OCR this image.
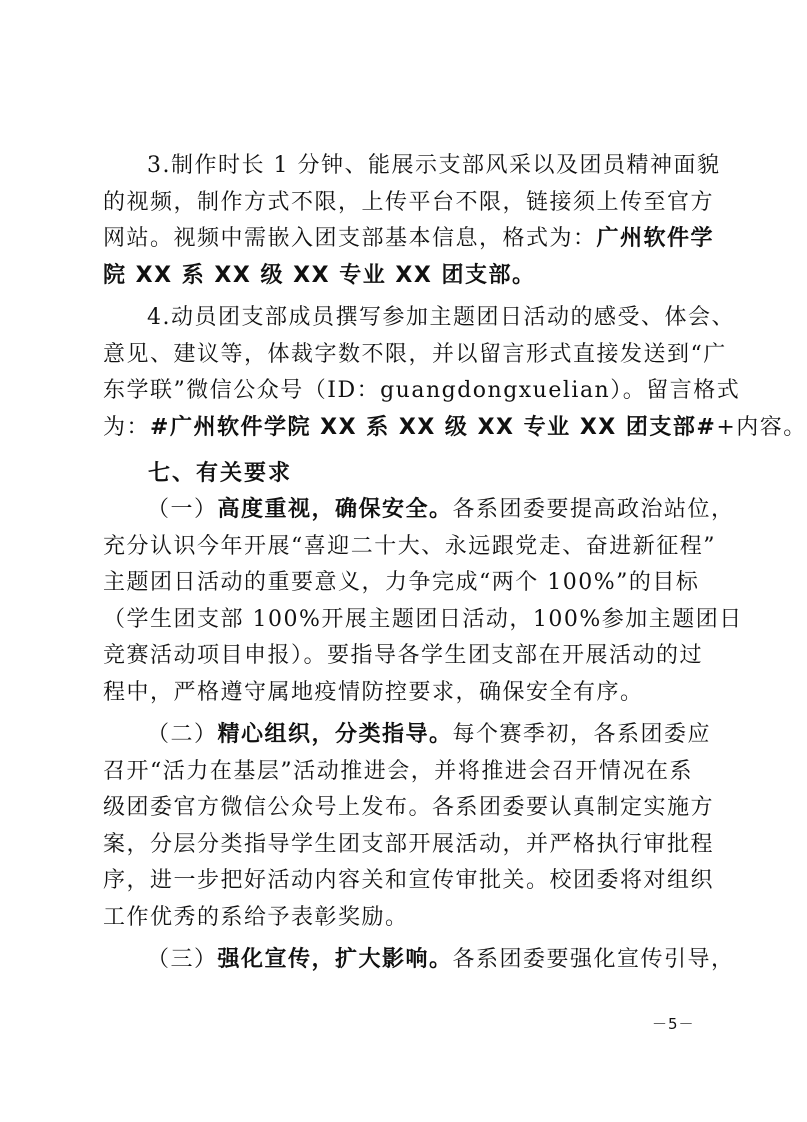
3.制作时长 1 分钟、能展示支部风采以及团员精神面貌
的视频，制作方式不限，上传平台不限，链接须上传至官方
网站。视频中需嵌入团支部基本信息，格式为：广州软件学
院 XX 系 XX 级 XX 专业 XX 团支部。
4.动员团支部成员撰写参加主题团日活动的感受、体会、
意见、建议等，体裁字数不限，并以留言形式直接发送到“广
东学联”微信公众号（ID：guangdongxuelian）。留言格式
为：#广州软件学院 XX 系 XX 级 XX 专业 XX 团支部#+内容。
七、有关要求
（一）高度重视，确保安全。各系团委要提高政治站位，
充分认识今年开展“喜迎二十大、永远跟党走、奋进新征程”
主题团日活动的重要意义，力争完成“两个 100%”的目标
（学生团支部 100%开展主题团日活动，100%参加主题团日
竞赛活动项目申报）。要指导各学生团支部在开展活动的过
程中，严格遵守属地疫情防控要求，确保安全有序。
（二）精心组织，分类指导。每个赛季初，各系团委应
召开“活力在基层”活动推进会，并将推进会召开情况在系
级团委官方微信公众号上发布。各系团委要认真制定实施方
案，分层分类指导学生团支部开展活动，并严格执行审批程
序，进一步把好活动内容关和宣传审批关。校团委将对组织
工作优秀的系给予表彰奖励。
（三）强化宣传，扩大影响。各系团委要强化宣传引导，
－5－
